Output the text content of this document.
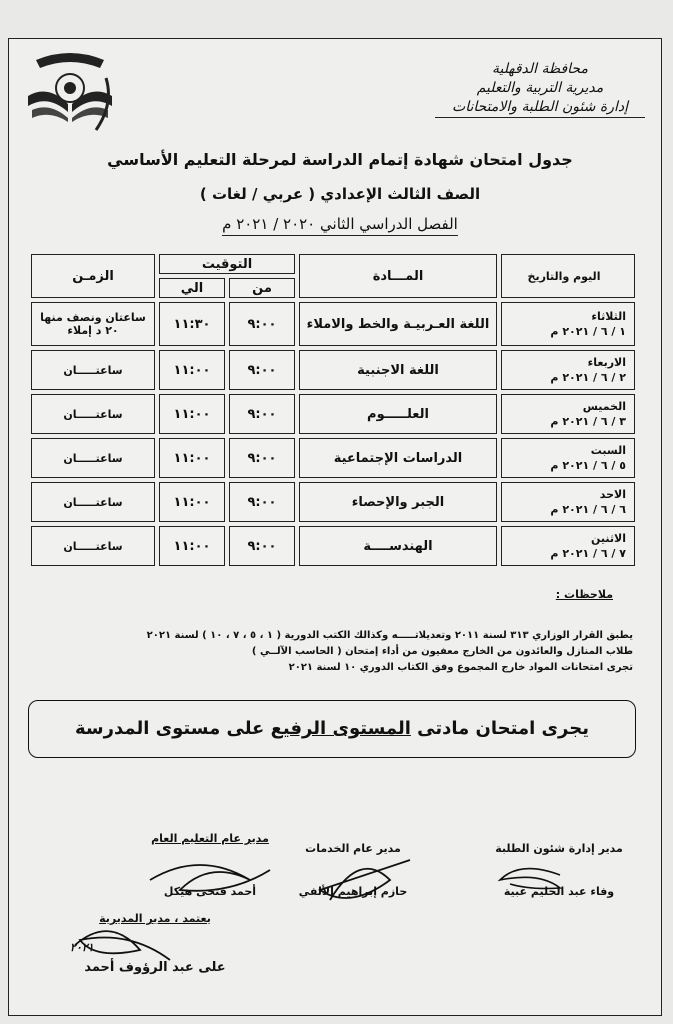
محافظة الدقهلية
مديرية التربية والتعليم
إدارة شئون الطلبة والامتحانات
جدول امتحان شهادة إتمام الدراسة لمرحلة التعليم الأساسي
الصف الثالث الإعدادي ( عربي / لغات )
الفصل الدراسي الثاني ٢٠٢٠ / ٢٠٢١ م
اليوم والتاريخ	المـــادة	التوقيت		الزمـن
		من	الي	

الثلاثاء
١ / ٦ / ٢٠٢١ م	اللغة العـربيـة والخط والاملاء	٩:٠٠	١١:٣٠	ساعتان ونصف منها ٢٠ د إملاء

الاربعاء
٢ / ٦ / ٢٠٢١ م	اللغة الاجنبية	٩:٠٠	١١:٠٠	ساعتـــــان

الخميس
٣ / ٦ / ٢٠٢١ م	العلـــــوم	٩:٠٠	١١:٠٠	ساعتـــــان

السبت
٥ / ٦ / ٢٠٢١ م	الدراسات الإجتماعية	٩:٠٠	١١:٠٠	ساعتـــــان

الاحد
٦ / ٦ / ٢٠٢١ م	الجبر والإحصاء	٩:٠٠	١١:٠٠	ساعتـــــان

الاثنين
٧ / ٦ / ٢٠٢١ م	الهندســــة	٩:٠٠	١١:٠٠	ساعتـــــان
ملاحظات :
يطبق القرار الوزاري ٣١٣ لسنة ٢٠١١ وتعديلاتـــــه وكذالك الكتب الدورية ( ١ ، ٥ ، ٧ ، ١٠ ) لسنة ٢٠٢١
طلاب المنازل والعائدون من الخارج معفيون من أداء إمتحان ( الحاسب الآلــي )
تجرى امتحانات المواد خارج المجموع وفق الكتاب الدوري ١٠ لسنة ٢٠٢١
يجرى امتحان مادتى المستوى الرفيع على مستوى المدرسة
مدير إدارة شئون الطلبة
وفاء عبد الحليم عبية
مدير عام الخدمات
حازم إبراهيم الألفي
مدير عام التعليم العام
أحمد فتحى هيكل
يعتمد ، مدير المديرية
٢٠٢١
على عبد الرؤوف أحمد
